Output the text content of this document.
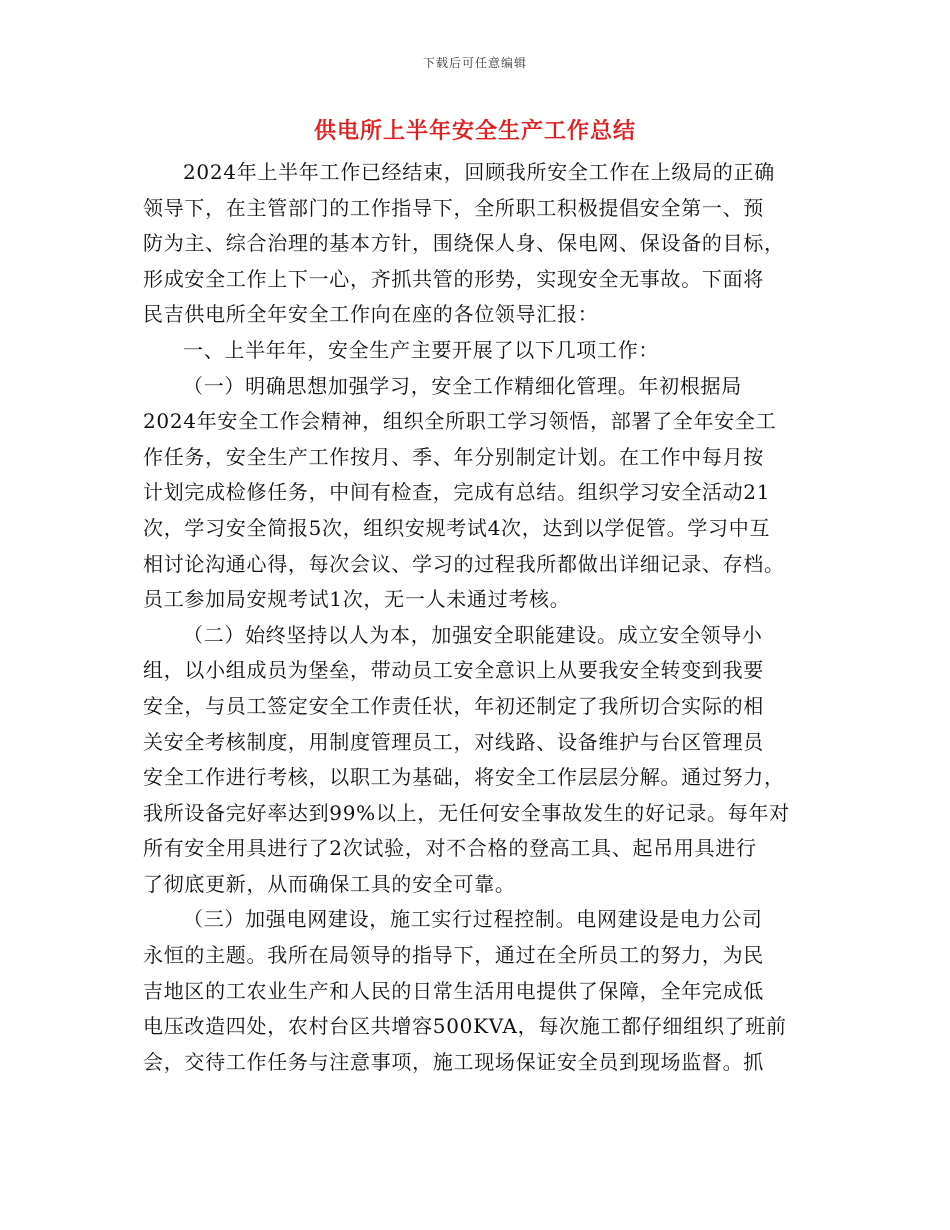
下载后可任意编辑
供电所上半年安全生产工作总结
2024年上半年工作已经结束，回顾我所安全工作在上级局的正确
领导下，在主管部门的工作指导下，全所职工积极提倡安全第一、预
防为主、综合治理的基本方针，围绕保人身、保电网、保设备的目标，
形成安全工作上下一心，齐抓共管的形势，实现安全无事故。下面将
民吉供电所全年安全工作向在座的各位领导汇报：
一、上半年年，安全生产主要开展了以下几项工作：
（一）明确思想加强学习，安全工作精细化管理。年初根据局
2024年安全工作会精神，组织全所职工学习领悟，部署了全年安全工
作任务，安全生产工作按月、季、年分别制定计划。在工作中每月按
计划完成检修任务，中间有检查，完成有总结。组织学习安全活动21
次，学习安全简报5次，组织安规考试4次，达到以学促管。学习中互
相讨论沟通心得，每次会议、学习的过程我所都做出详细记录、存档。
员工参加局安规考试1次，无一人未通过考核。
（二）始终坚持以人为本，加强安全职能建设。成立安全领导小
组，以小组成员为堡垒，带动员工安全意识上从要我安全转变到我要
安全，与员工签定安全工作责任状，年初还制定了我所切合实际的相
关安全考核制度，用制度管理员工，对线路、设备维护与台区管理员
安全工作进行考核，以职工为基础，将安全工作层层分解。通过努力，
我所设备完好率达到99%以上，无任何安全事故发生的好记录。每年对
所有安全用具进行了2次试验，对不合格的登高工具、起吊用具进行
了彻底更新，从而确保工具的安全可靠。
（三）加强电网建设，施工实行过程控制。电网建设是电力公司
永恒的主题。我所在局领导的指导下，通过在全所员工的努力，为民
吉地区的工农业生产和人民的日常生活用电提供了保障，全年完成低
电压改造四处，农村台区共增容500KVA，每次施工都仔细组织了班前
会，交待工作任务与注意事项，施工现场保证安全员到现场监督。抓
